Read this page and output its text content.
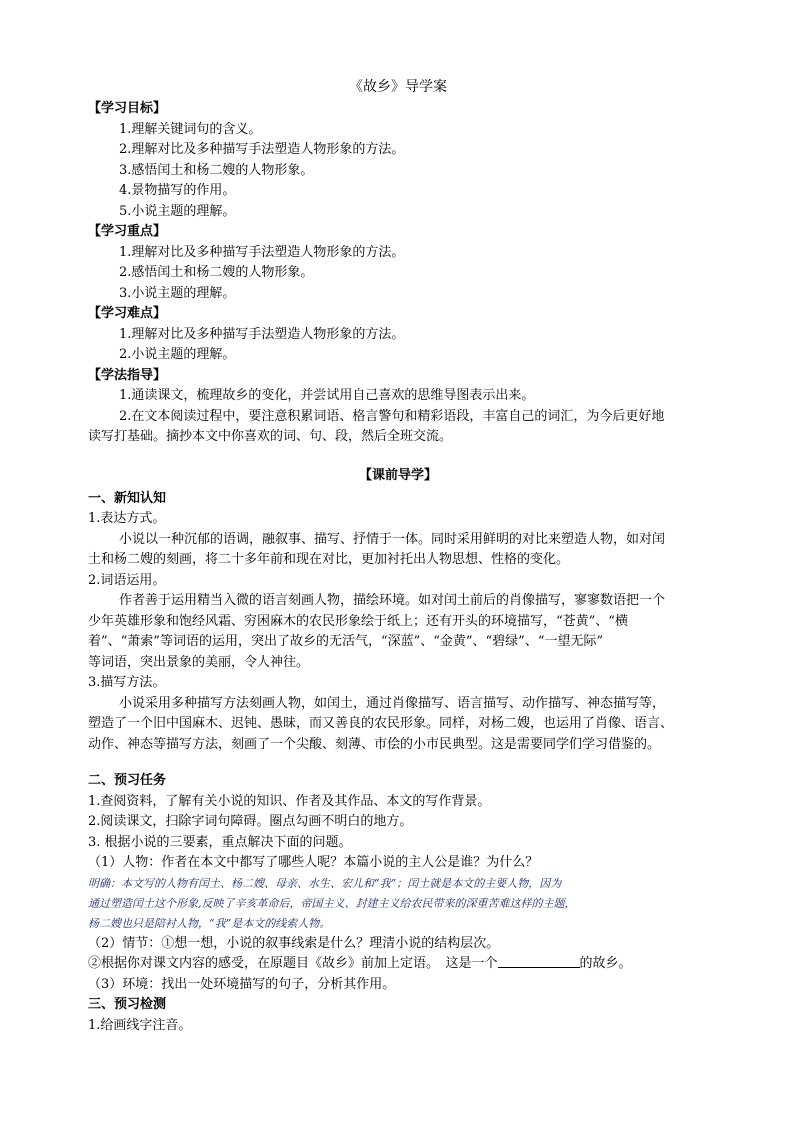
《故乡》导学案
【学习目标】
1.理解关键词句的含义。
2.理解对比及多种描写手法塑造人物形象的方法。
3.感悟闰土和杨二嫂的人物形象。
4.景物描写的作用。
5.小说主题的理解。
【学习重点】
1.理解对比及多种描写手法塑造人物形象的方法。
2.感悟闰土和杨二嫂的人物形象。
3.小说主题的理解。
【学习难点】
1.理解对比及多种描写手法塑造人物形象的方法。
2.小说主题的理解。
【学法指导】
1.通读课文，梳理故乡的变化，并尝试用自己喜欢的思维导图表示出来。
2.在文本阅读过程中，要注意积累词语、格言警句和精彩语段，丰富自己的词汇，为今后更好地
读写打基础。摘抄本文中你喜欢的词、句、段，然后全班交流。
【课前导学】
一、新知认知
1.表达方式。
小说以一种沉郁的语调，融叙事、描写、抒情于一体。同时采用鲜明的对比来塑造人物，如对闰
土和杨二嫂的刻画，将二十多年前和现在对比，更加衬托出人物思想、性格的变化。
2.词语运用。
作者善于运用精当入微的语言刻画人物，描绘环境。如对闰土前后的肖像描写，寥寥数语把一个
少年英雄形象和饱经风霜、穷困麻木的农民形象绘于纸上；还有开头的环境描写，“苍黄”、“横
着”、“萧索”等词语的运用，突出了故乡的无活气，“深蓝”、“金黄”、“碧绿”、“一望无际”
等词语，突出景象的美丽，令人神往。
3.描写方法。
小说采用多种描写方法刻画人物，如闰土，通过肖像描写、语言描写、动作描写、神态描写等，
塑造了一个旧中国麻木、迟钝、愚昧，而又善良的农民形象。同样，对杨二嫂，也运用了肖像、语言、
动作、神态等描写方法，刻画了一个尖酸、刻薄、市侩的小市民典型。这是需要同学们学习借鉴的。
二、预习任务
1.查阅资料，了解有关小说的知识、作者及其作品、本文的写作背景。
2.阅读课文，扫除字词句障碍。圈点勾画不明白的地方。
3. 根据小说的三要素，重点解决下面的问题。
（1）人物：作者在本文中都写了哪些人呢？本篇小说的主人公是谁？为什么？
明确：本文写的人物有闰土、杨二嫂、母亲、水生、宏儿和“我”；闰土就是本文的主要人物，因为
通过塑造闰土这个形象,反映了辛亥革命后，帝国主义、封建主义给农民带来的深重苦难这样的主题，
杨二嫂也只是陪衬人物，“我”是本文的线索人物。
（2）情节：①想一想，小说的叙事线索是什么？理清小说的结构层次。
②根据你对课文内容的感受，在原题目《故乡》前加上定语。　这是一个	的故乡。
（3）环境：找出一处环境描写的句子，分析其作用。
三、预习检测
1.给画线字注音。
